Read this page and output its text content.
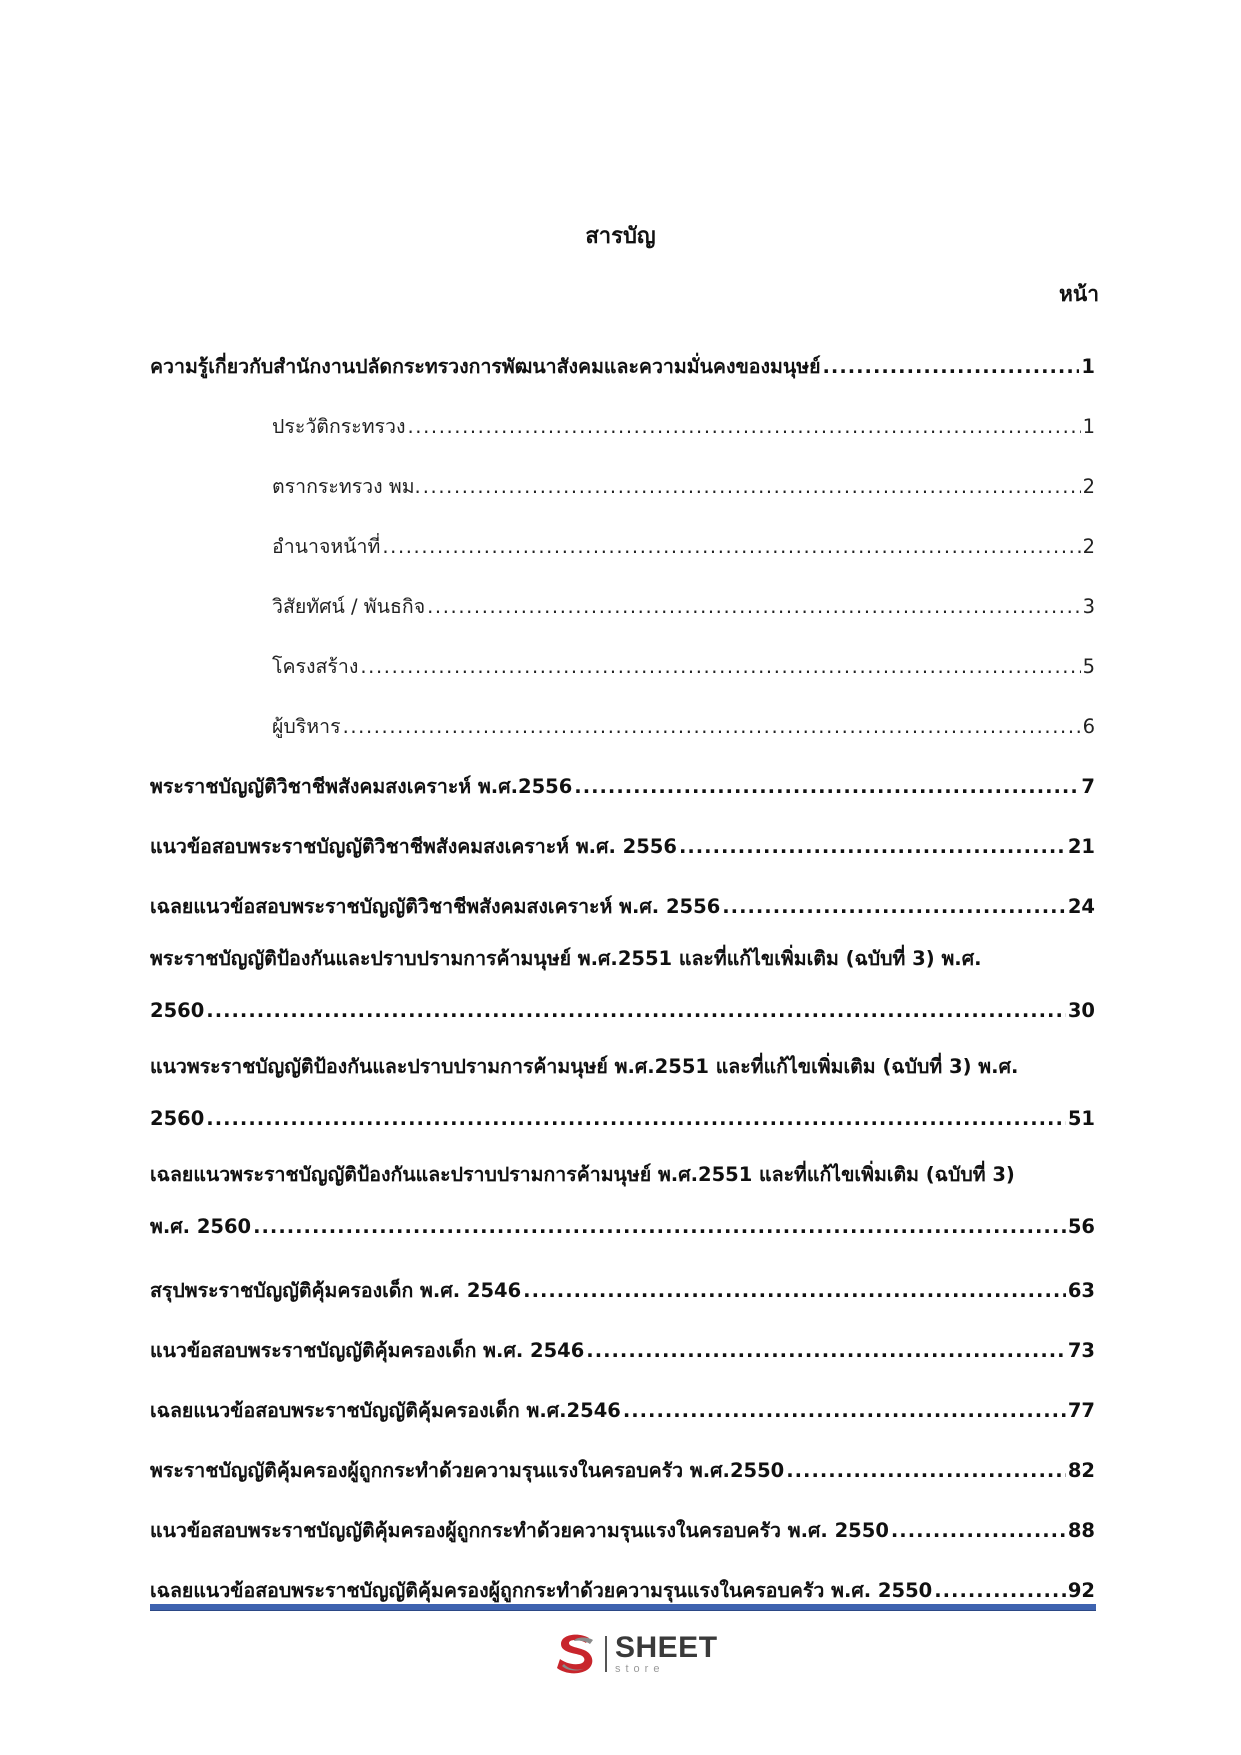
สารบัญ
หน้า
ความรู้เกี่ยวกับสำนักงานปลัดกระทรวงการพัฒนาสังคมและความมั่นคงของมนุษย์ .....	1
ประวัติกระทรวง .....	1
ตรากระทรวง พม. .....	2
อำนาจหน้าที่ .....	2
วิสัยทัศน์ / พันธกิจ .....	3
โครงสร้าง .....	5
ผู้บริหาร .....	6
พระราชบัญญัติวิชาชีพสังคมสงเคราะห์ พ.ศ.2556 .....	7
แนวข้อสอบพระราชบัญญัติวิชาชีพสังคมสงเคราะห์ พ.ศ. 2556 .....	21
เฉลยแนวข้อสอบพระราชบัญญัติวิชาชีพสังคมสงเคราะห์ พ.ศ. 2556 .....	24
พระราชบัญญัติป้องกันและปราบปรามการค้ามนุษย์ พ.ศ.2551 และที่แก้ไขเพิ่มเติม (ฉบับที่ 3) พ.ศ.
2560 .....	30
แนวพระราชบัญญัติป้องกันและปราบปรามการค้ามนุษย์ พ.ศ.2551 และที่แก้ไขเพิ่มเติม (ฉบับที่ 3) พ.ศ.
2560 .....	51
เฉลยแนวพระราชบัญญัติป้องกันและปราบปรามการค้ามนุษย์ พ.ศ.2551 และที่แก้ไขเพิ่มเติม (ฉบับที่ 3)
พ.ศ. 2560 .....	56
สรุปพระราชบัญญัติคุ้มครองเด็ก พ.ศ. 2546 .....	63
แนวข้อสอบพระราชบัญญัติคุ้มครองเด็ก พ.ศ. 2546 .....	73
เฉลยแนวข้อสอบพระราชบัญญัติคุ้มครองเด็ก พ.ศ.2546 .....	77
พระราชบัญญัติคุ้มครองผู้ถูกกระทำด้วยความรุนแรงในครอบครัว พ.ศ.2550 .....	82
แนวข้อสอบพระราชบัญญัติคุ้มครองผู้ถูกกระทำด้วยความรุนแรงในครอบครัว พ.ศ. 2550 .....	88
เฉลยแนวข้อสอบพระราชบัญญัติคุ้มครองผู้ถูกกระทำด้วยความรุนแรงในครอบครัว พ.ศ. 2550 .....	92
SHEET
store
